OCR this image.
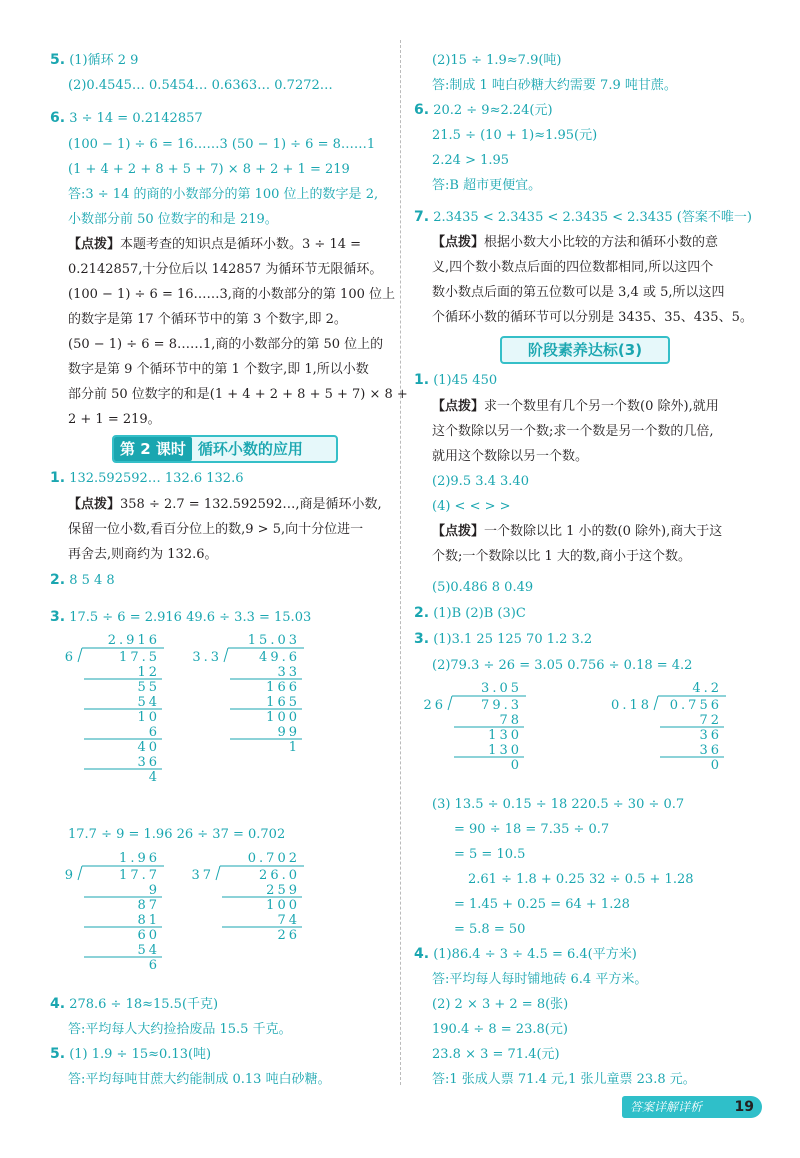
5. (1)循环 2 9
(2)0.4545… 0.5454… 0.6363… 0.7272…
6. 3 ÷ 14 = 0.2142857
(100 − 1) ÷ 6 = 16……3 (50 − 1) ÷ 6 = 8……1
(1 + 4 + 2 + 8 + 5 + 7) × 8 + 2 + 1 = 219
答:3 ÷ 14 的商的小数部分的第 100 位上的数字是 2,
小数部分前 50 位数字的和是 219。
【点拨】本题考查的知识点是循环小数。3 ÷ 14 =
0.2142857,十分位后以 142857 为循环节无限循环。
(100 − 1) ÷ 6 = 16……3,商的小数部分的第 100 位上
的数字是第 17 个循环节中的第 3 个数字,即 2。
(50 − 1) ÷ 6 = 8……1,商的小数部分的第 50 位上的
数字是第 9 个循环节中的第 1 个数字,即 1,所以小数
部分前 50 位数字的和是(1 + 4 + 2 + 8 + 5 + 7) × 8 +
2 + 1 = 219。
第 2 课时 循环小数的应用
1. 132.592592… 132.6 132.6
【点拨】358 ÷ 2.7 = 132.592592…,商是循环小数,
保留一位小数,看百分位上的数,9 > 5,向十分位进一
再舍去,则商约为 132.6。
2. 8 5 4 8
3. 17.5 ÷ 6 = 2.916 49.6 ÷ 3.3 = 15.03
2.916
6	17.5
12
55
54
10
6
40
36
4
15.03
3.3	49.6
33
166
165
100
99
1
17.7 ÷ 9 = 1.96 26 ÷ 37 = 0.702
1.96
9	17.7
9
87
81
60
54
6
0.702
37	26.0
259
100
74
26
4. 278.6 ÷ 18≈15.5(千克)
答:平均每人大约捡拾废品 15.5 千克。
5. (1) 1.9 ÷ 15≈0.13(吨)
答:平均每吨甘蔗大约能制成 0.13 吨白砂糖。
(2)15 ÷ 1.9≈7.9(吨)
答:制成 1 吨白砂糖大约需要 7.9 吨甘蔗。
6. 20.2 ÷ 9≈2.24(元)
21.5 ÷ (10 + 1)≈1.95(元)
2.24 > 1.95
答:B 超市更便宜。
7. 2.3435 < 2.3435 < 2.3435 < 2.3435 (答案不唯一)
【点拨】根据小数大小比较的方法和循环小数的意
义,四个数小数点后面的四位数都相同,所以这四个
数小数点后面的第五位数可以是 3,4 或 5,所以这四
个循环小数的循环节可以分别是 3435、35、435、5。
阶段素养达标(3)
1. (1)45 450
【点拨】求一个数里有几个另一个数(0 除外),就用
这个数除以另一个数;求一个数是另一个数的几倍,
就用这个数除以另一个数。
(2)9.5 3.4 3.40
(4) < < > >
【点拨】一个数除以比 1 小的数(0 除外),商大于这
个数;一个数除以比 1 大的数,商小于这个数。
(5)0.486 8 0.49
2. (1)B (2)B (3)C
3. (1)3.1 25 125 70 1.2 3.2
(2)79.3 ÷ 26 = 3.05 0.756 ÷ 0.18 = 4.2
3.05
26	79.3
78
130
130
0
4.2
0.18 0.756
72
36
36
0
(3) 13.5 ÷ 0.15 ÷ 18 220.5 ÷ 30 ÷ 0.7
= 90 ÷ 18 = 7.35 ÷ 0.7
= 5 = 10.5
2.61 ÷ 1.8 + 0.25 32 ÷ 0.5 + 1.28
= 1.45 + 0.25 = 64 + 1.28
= 5.8 = 50
4. (1)86.4 ÷ 3 ÷ 4.5 = 6.4(平方米)
答:平均每人每时铺地砖 6.4 平方米。
(2) 2 × 3 + 2 = 8(张)
190.4 ÷ 8 = 23.8(元)
23.8 × 3 = 71.4(元)
答:1 张成人票 71.4 元,1 张儿童票 23.8 元。
答案详解详析 19
